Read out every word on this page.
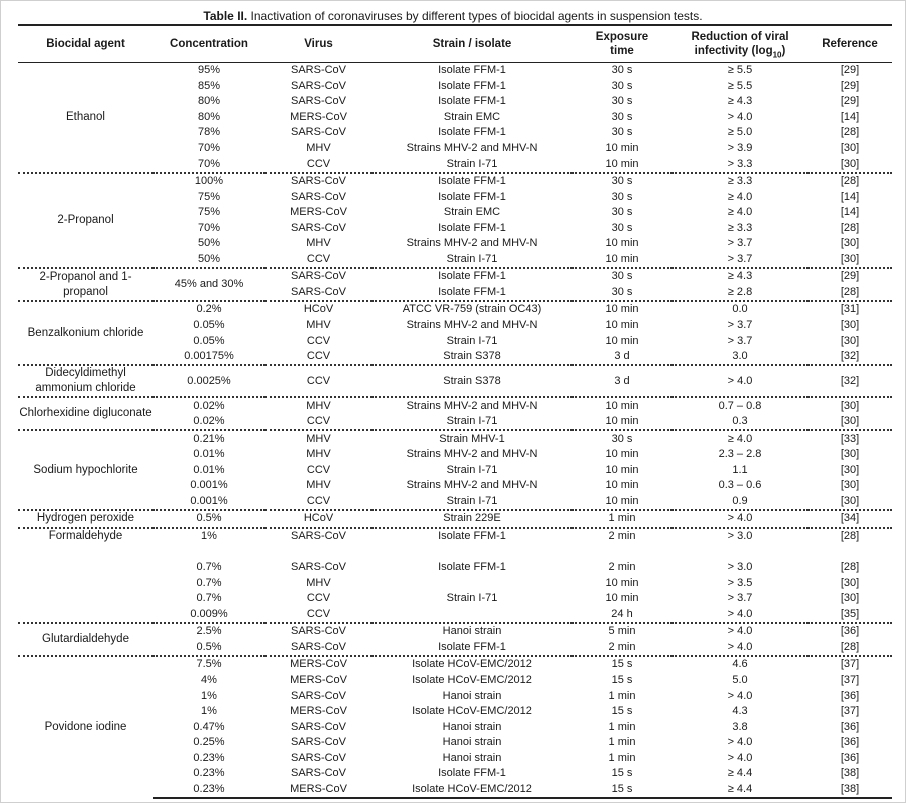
Table II. Inactivation of coronaviruses by different types of biocidal agents in suspension tests.
Biocidal agent	Concentration	Virus	Strain / isolate	Exposure time	Reduction of viral infectivity $(\log_{10})$	Reference
Ethanol	95%	SARS-CoV	Isolate FFM-1	30 s	≥ 5.5	[29]
	85%	SARS-CoV	Isolate FFM-1	30 s	≥ 5.5	[29]
	80%	SARS-CoV	Isolate FFM-1	30 s	≥ 4.3	[29]
	80%	MERS-CoV	Strain EMC	30 s	> 4.0	[14]
	78%	SARS-CoV	Isolate FFM-1	30 s	≥ 5.0	[28]
	70%	MHV	Strains MHV-2 and MHV-N	10 min	> 3.9	[30]
	70%	CCV	Strain I-71	10 min	> 3.3	[30]
2-Propanol	100%	SARS-CoV	Isolate FFM-1	30 s	≥ 3.3	[28]
	75%	SARS-CoV	Isolate FFM-1	30 s	≥ 4.0	[14]
	75%	MERS-CoV	Strain EMC	30 s	≥ 4.0	[14]
	70%	SARS-CoV	Isolate FFM-1	30 s	≥ 3.3	[28]
	50%	MHV	Strains MHV-2 and MHV-N	10 min	> 3.7	[30]
	50%	CCV	Strain I-71	10 min	> 3.7	[30]
2-Propanol and 1-propanol	45% and 30%	SARS-CoV	Isolate FFM-1	30 s	≥ 4.3	[29]
		SARS-CoV	Isolate FFM-1	30 s	≥ 2.8	[28]
Benzalkonium chloride	0.2%	HCoV	ATCC VR-759 (strain OC43)	10 min	0.0	[31]
	0.05%	MHV	Strains MHV-2 and MHV-N	10 min	> 3.7	[30]
	0.05%	CCV	Strain I-71	10 min	> 3.7	[30]
	0.00175%	CCV	Strain S378	3 d	3.0	[32]
Didecyldimethyl ammonium chloride	0.0025%	CCV	Strain S378	3 d	> 4.0	[32]
Chlorhexidine digluconate	0.02%	MHV	Strains MHV-2 and MHV-N	10 min	0.7 – 0.8	[30]
	0.02%	CCV	Strain I-71	10 min	0.3	[30]
Sodium hypochlorite	0.21%	MHV	Strain MHV-1	30 s	≥ 4.0	[33]
	0.01%	MHV	Strains MHV-2 and MHV-N	10 min	2.3 – 2.8	[30]
	0.01%	CCV	Strain I-71	10 min	1.1	[30]
	0.001%	MHV	Strains MHV-2 and MHV-N	10 min	0.3 – 0.6	[30]
	0.001%	CCV	Strain I-71	10 min	0.9	[30]
Hydrogen peroxide	0.5%	HCoV	Strain 229E	1 min	> 4.0	[34]
Formaldehyde	1%	SARS-CoV	Isolate FFM-1	2 min	> 3.0	[28]

	0.7%	SARS-CoV	Isolate FFM-1	2 min	> 3.0	[28]
	0.7%	MHV		10 min	> 3.5	[30]
	0.7%	CCV	Strain I-71	10 min	> 3.7	[30]
	0.009%	CCV		24 h	> 4.0	[35]
Glutardialdehyde	2.5%	SARS-CoV	Hanoi strain	5 min	> 4.0	[36]
	0.5%	SARS-CoV	Isolate FFM-1	2 min	> 4.0	[28]
Povidone iodine	7.5%	MERS-CoV	Isolate HCoV-EMC/2012	15 s	4.6	[37]
	4%	MERS-CoV	Isolate HCoV-EMC/2012	15 s	5.0	[37]
	1%	SARS-CoV	Hanoi strain	1 min	> 4.0	[36]
	1%	MERS-CoV	Isolate HCoV-EMC/2012	15 s	4.3	[37]
	0.47%	SARS-CoV	Hanoi strain	1 min	3.8	[36]
	0.25%	SARS-CoV	Hanoi strain	1 min	> 4.0	[36]
	0.23%	SARS-CoV	Hanoi strain	1 min	> 4.0	[36]
	0.23%	SARS-CoV	Isolate FFM-1	15 s	≥ 4.4	[38]
	0.23%	MERS-CoV	Isolate HCoV-EMC/2012	15 s	≥ 4.4	[38]
